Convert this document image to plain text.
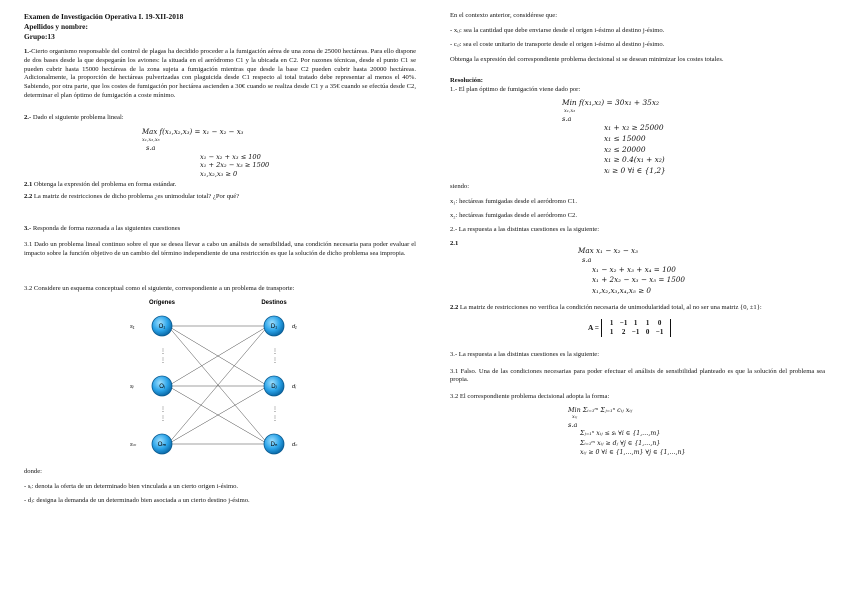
Examen de Investigación Operativa I. 19-XII-2018
Apellidos y nombre:
Grupo:13

1.-Cierto organismo responsable del control de plagas ha decidido proceder a la fumigación aérea de una zona de 25000 hectáreas. Para ello dispone de dos bases desde la que despegarán los aviones: la situada en el aeródromo C1 y la ubicada en C2. Por razones técnicas, desde el punto C1 se pueden cubrir hasta 15000 hectáreas de la zona sujeta a fumigación mientras que desde la base C2 pueden cubrir hasta 20000 hectáreas. Adicionalmente, la proporción de hectáreas pulverizadas con plaguicida desde C1 respecto al total tratado debe representar al menos el 40%. Sabiendo, por otra parte, que los costes de fumigación por hectárea ascienden a 30€ cuando se realiza desde C1 y a 35€ cuando se efectúa desde C2, determinar el plan óptimo de fumigación a coste mínimo.

2.- Dado el siguiente problema lineal:

Max f(x₁,x₂,x₃) = x₁ − x₂ − x₃
x₁,x₂,x₃
s.a
x₁ − x₂ + x₃ ≤ 100
x₁ + 2x₂ − x₃ ≥ 1500
x₁,x₂,x₃ ≥ 0

2.1 Obtenga la expresión del problema en forma estándar.

2.2 La matriz de restricciones de dicho problema ¿es unimodular total? ¿Por qué?

3.- Responda de forma razonada a las siguientes cuestiones

3.1 Dado un problema lineal continuo sobre el que se desea llevar a cabo un análisis de sensibilidad, una condición necesaria para poder evaluar el impacto sobre la función objetivo de un cambio del término independiente de una restricción es que la solución de dicho problema sea impropia.

3.2 Considere un esquema conceptual como el siguiente, correspondiente a un problema de transporte:

Orígenes	Destinos
⋮
⋮
⋮
⋮
⋮
⋮
⋮
⋮
O₁
Oᵢ
Oₘ
D₁
Dⱼ
Dₙ
s₁
sᵢ
sₘ
d₁
dⱼ
dₙ

donde:

- sᵢ: denota la oferta de un determinado bien vinculada a un cierto origen i-ésimo.

- dⱼ: designa la demanda de un determinado bien asociada a un cierto destino j-ésimo.

En el contexto anterior, considérese que:

- xᵢⱼ: sea la cantidad que debe enviarse desde el origen i-ésimo al destino j-ésimo.

- cᵢⱼ: sea el coste unitario de transporte desde el origen i-ésimo al destino j-ésimo.

Obtenga la expresión del correspondiente problema decisional si se desean minimizar los costes totales.

Resolución:

1.- El plan óptimo de fumigación viene dado por:

Min f(x₁,x₂) = 30x₁ + 35x₂
x₁,x₂
s.a
x₁ + x₂ ≥ 25000
x₁ ≤ 15000
x₂ ≤ 20000
x₁ ≥ 0.4(x₁ + x₂)
xᵢ ≥ 0 ∀i ∈ {1,2}

siendo:

x₁: hectáreas fumigadas desde el aeródromo C1.

x₂: hectáreas fumigadas desde el aeródromo C2.

2.- La respuesta a las distintas cuestiones es la siguiente:

2.1

Max x₁ − x₂ − x₃
s.a
x₁ − x₂ + x₃ + x₄ = 100
x₁ + 2x₂ − x₃ − x₅ = 1500
x₁,x₂,x₃,x₄,x₅ ≥ 0

2.2 La matriz de restricciones no verifica la condición necesaria de unimodularidad total, al no ser una matriz {0, ±1}:

A =
1 −1 1 1 0
1 2 −1 0 −1

3.- La respuesta a las distintas cuestiones es la siguiente:

3.1 Falso. Una de las condiciones necesarias para poder efectuar el análisis de sensibilidad planteado es que la solución del problema sea propia.

3.2 El correspondiente problema decisional adopta la forma:

Min Σᵢ₌₁ᵐ Σⱼ₌₁ⁿ cᵢⱼ xᵢⱼ
xᵢⱼ
s.a
Σⱼ₌₁ⁿ xᵢⱼ ≤ sᵢ ∀i ∈ {1,…,m}
Σᵢ₌₁ᵐ xᵢⱼ ≥ dⱼ ∀j ∈ {1,…,n}
xᵢⱼ ≥ 0 ∀i ∈ {1,…,m} ∀j ∈ {1,…,n}
